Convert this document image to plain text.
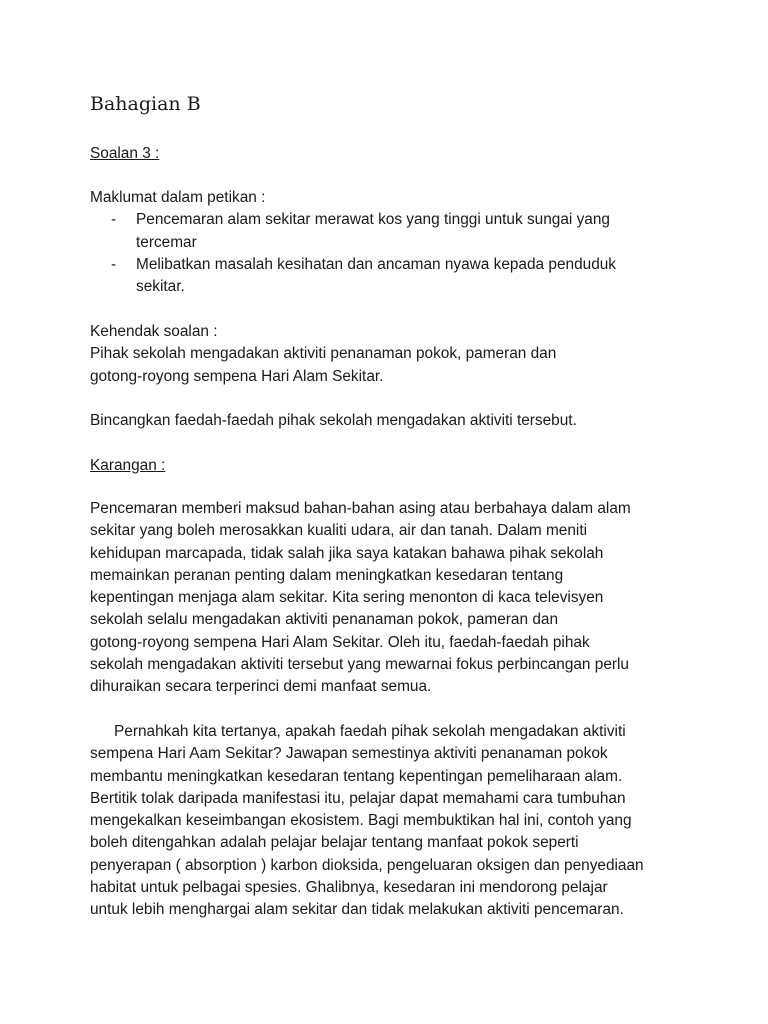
Bahagian B
Soalan 3 :
Maklumat dalam petikan :
- Pencemaran alam sekitar merawat kos yang tinggi untuk sungai yang
tercemar
- Melibatkan masalah kesihatan dan ancaman nyawa kepada penduduk
sekitar.
Kehendak soalan :
Pihak sekolah mengadakan aktiviti penanaman pokok, pameran dan
gotong-royong sempena Hari Alam Sekitar.
Bincangkan faedah-faedah pihak sekolah mengadakan aktiviti tersebut.
Karangan :
Pencemaran memberi maksud bahan-bahan asing atau berbahaya dalam alam
sekitar yang boleh merosakkan kualiti udara, air dan tanah. Dalam meniti
kehidupan marcapada, tidak salah jika saya katakan bahawa pihak sekolah
memainkan peranan penting dalam meningkatkan kesedaran tentang
kepentingan menjaga alam sekitar. Kita sering menonton di kaca televisyen
sekolah selalu mengadakan aktiviti penanaman pokok, pameran dan
gotong-royong sempena Hari Alam Sekitar. Oleh itu, faedah-faedah pihak
sekolah mengadakan aktiviti tersebut yang mewarnai fokus perbincangan perlu
dihuraikan secara terperinci demi manfaat semua.
Pernahkah kita tertanya, apakah faedah pihak sekolah mengadakan aktiviti
sempena Hari Aam Sekitar? Jawapan semestinya aktiviti penanaman pokok
membantu meningkatkan kesedaran tentang kepentingan pemeliharaan alam.
Bertitik tolak daripada manifestasi itu, pelajar dapat memahami cara tumbuhan
mengekalkan keseimbangan ekosistem. Bagi membuktikan hal ini, contoh yang
boleh ditengahkan adalah pelajar belajar tentang manfaat pokok seperti
penyerapan ( absorption ) karbon dioksida, pengeluaran oksigen dan penyediaan
habitat untuk pelbagai spesies. Ghalibnya, kesedaran ini mendorong pelajar
untuk lebih menghargai alam sekitar dan tidak melakukan aktiviti pencemaran.
